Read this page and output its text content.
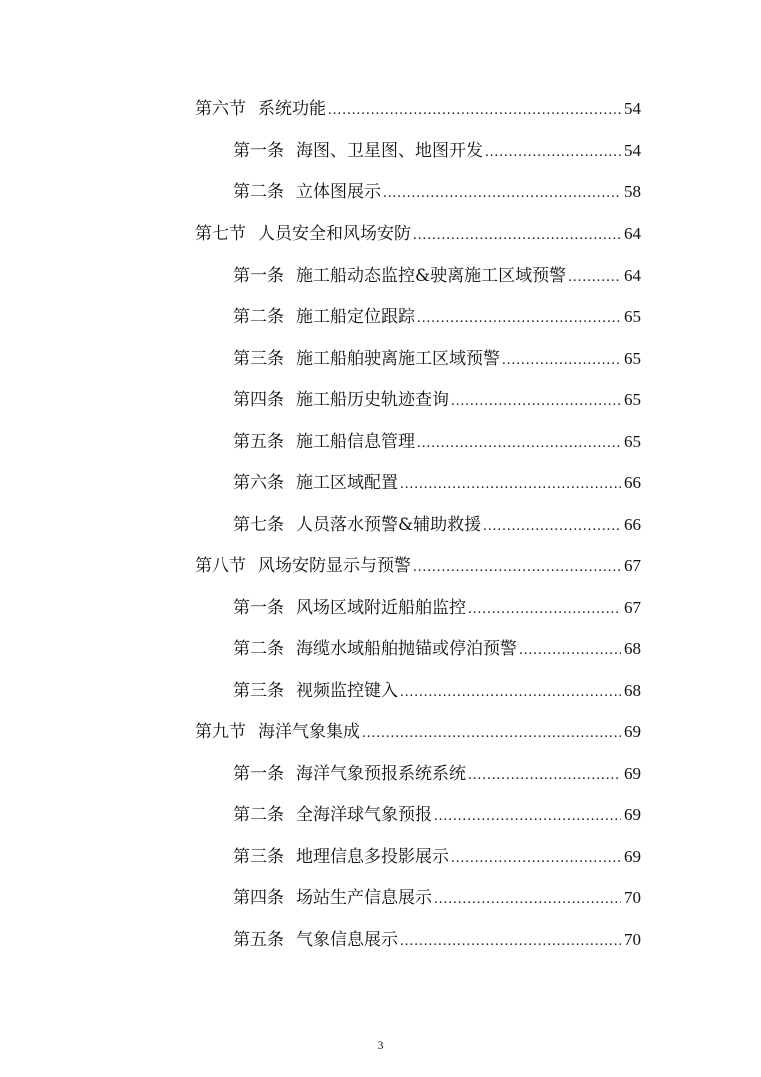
第六节 系统功能 .....	54
第一条 海图、卫星图、地图开发 .....	54
第二条 立体图展示 .....	58
第七节 人员安全和风场安防 .....	64
第一条 施工船动态监控&驶离施工区域预警 .....	64
第二条 施工船定位跟踪 .....	65
第三条 施工船舶驶离施工区域预警 .....	65
第四条 施工船历史轨迹查询 .....	65
第五条 施工船信息管理 .....	65
第六条 施工区域配置 .....	66
第七条 人员落水预警&辅助救援 .....	66
第八节 风场安防显示与预警 .....	67
第一条 风场区域附近船舶监控 .....	67
第二条 海缆水域船舶抛锚或停泊预警 .....	68
第三条 视频监控键入 .....	68
第九节 海洋气象集成 .....	69
第一条 海洋气象预报系统系统 .....	69
第二条 全海洋球气象预报 .....	69
第三条 地理信息多投影展示 .....	69
第四条 场站生产信息展示 .....	70
第五条 气象信息展示 .....	70
3
